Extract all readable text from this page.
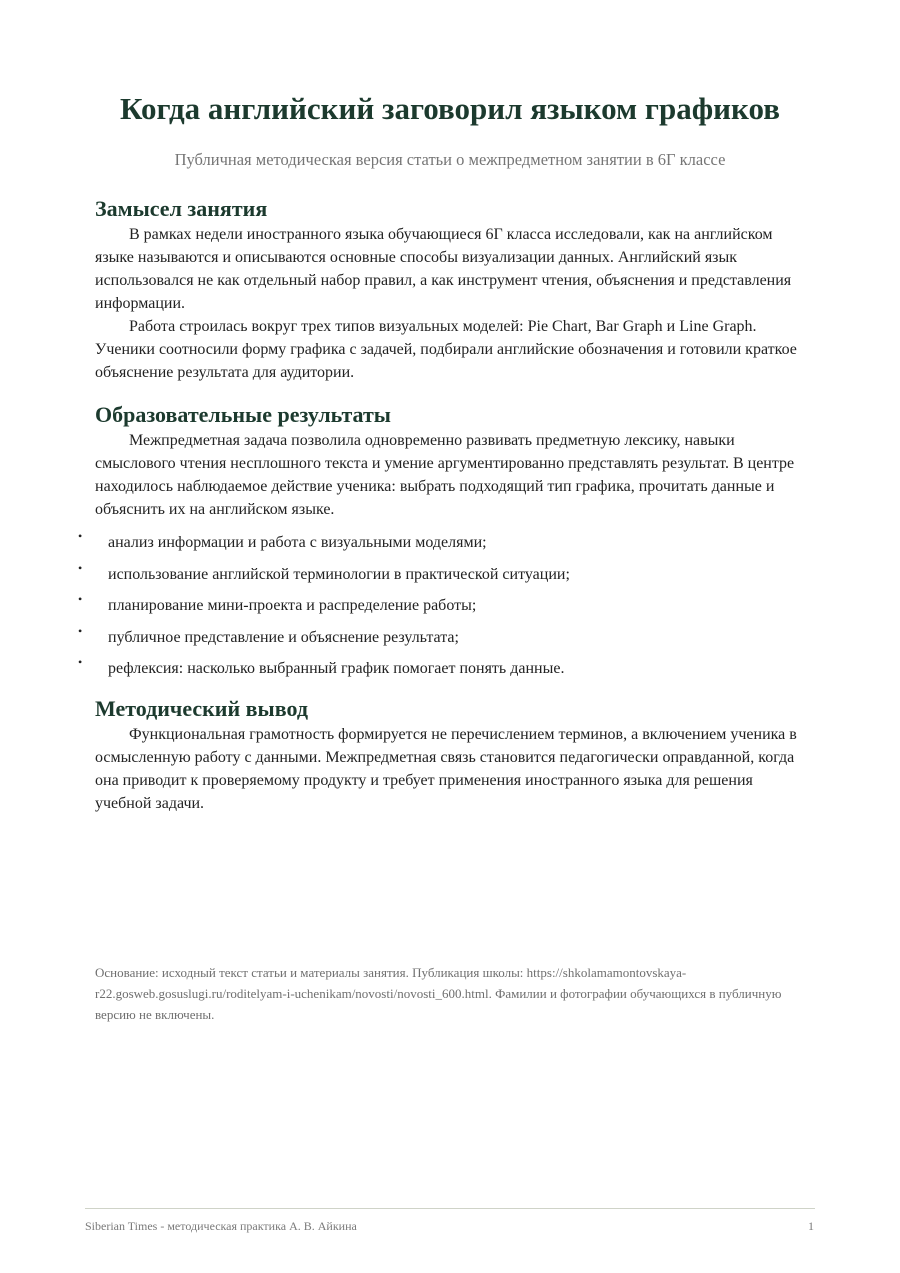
Когда английский заговорил языком графиков
Публичная методическая версия статьи о межпредметном занятии в 6Г классе
Замысел занятия

В рамках недели иностранного языка обучающиеся 6Г класса исследовали, как на английском языке называются и описываются основные способы визуализации данных. Английский язык использовался не как отдельный набор правил, а как инструмент чтения, объяснения и представления информации.

Работа строилась вокруг трех типов визуальных моделей: Pie Chart, Bar Graph и Line Graph. Ученики соотносили форму графика с задачей, подбирали английские обозначения и готовили краткое объяснение результата для аудитории.

Образовательные результаты

Межпредметная задача позволила одновременно развивать предметную лексику, навыки смыслового чтения несплошного текста и умение аргументированно представлять результат. В центре находилось наблюдаемое действие ученика: выбрать подходящий тип графика, прочитать данные и объяснить их на английском языке.

• анализ информации и работа с визуальными моделями;
• использование английской терминологии в практической ситуации;
• планирование мини-проекта и распределение работы;
• публичное представление и объяснение результата;
• рефлексия: насколько выбранный график помогает понять данные.
Методический вывод

Функциональная грамотность формируется не перечислением терминов, а включением ученика в осмысленную работу с данными. Межпредметная связь становится педагогически оправданной, когда она приводит к проверяемому продукту и требует применения иностранного языка для решения учебной задачи.

Основание: исходный текст статьи и материалы занятия. Публикация школы: https://shkolamamontovskaya-r22.gosweb.gosuslugi.ru/roditelyam-i-uchenikam/novosti/novosti_600.html. Фамилии и фотографии обучающихся в публичную версию не включены.
Siberian Times - методическая практика А. В. Айкина	1
